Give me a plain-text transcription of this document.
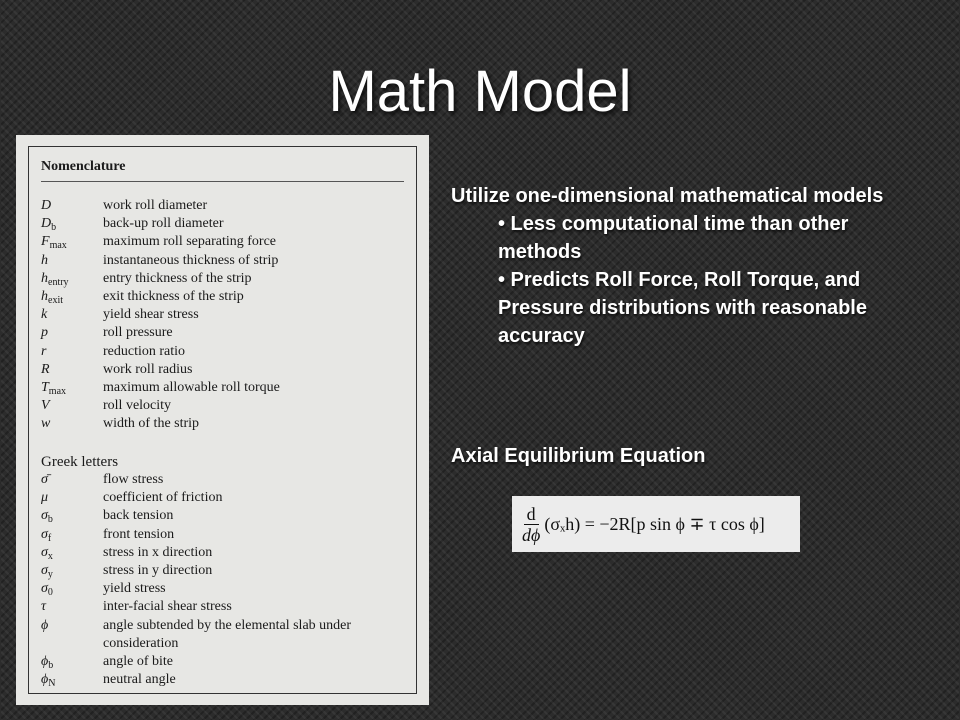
Math Model
Nomenclature
D	work roll diameter
$D_b$	back-up roll diameter
$F_{max}$	maximum roll separating force
h	instantaneous thickness of strip
$h_{entry}$	entry thickness of the strip
$h_{exit}$	exit thickness of the strip
k	yield shear stress
p	roll pressure
r	reduction ratio
R	work roll radius
$T_{max}$	maximum allowable roll torque
V	roll velocity
w	width of the strip
Greek letters
σ̄	flow stress
μ	coefficient of friction
$\sigma_b$	back tension
$\sigma_f$	front tension
$\sigma_x$	stress in x direction
$\sigma_y$	stress in y direction
$\sigma_0$	yield stress
τ	inter-facial shear stress
ϕ	angle subtended by the elemental slab under consideration
$\phi_b$	angle of bite
$\phi_N$	neutral angle

Utilize one-dimensional mathematical models

• Less computational time than other methods

• Predicts Roll Force, Roll Torque, and Pressure distributions with reasonable accuracy

Axial Equilibrium Equation
$\frac{d}{d\phi} (\sigma_xh) = -2R[p$ sin ϕ ∓ τ cos ϕ]
